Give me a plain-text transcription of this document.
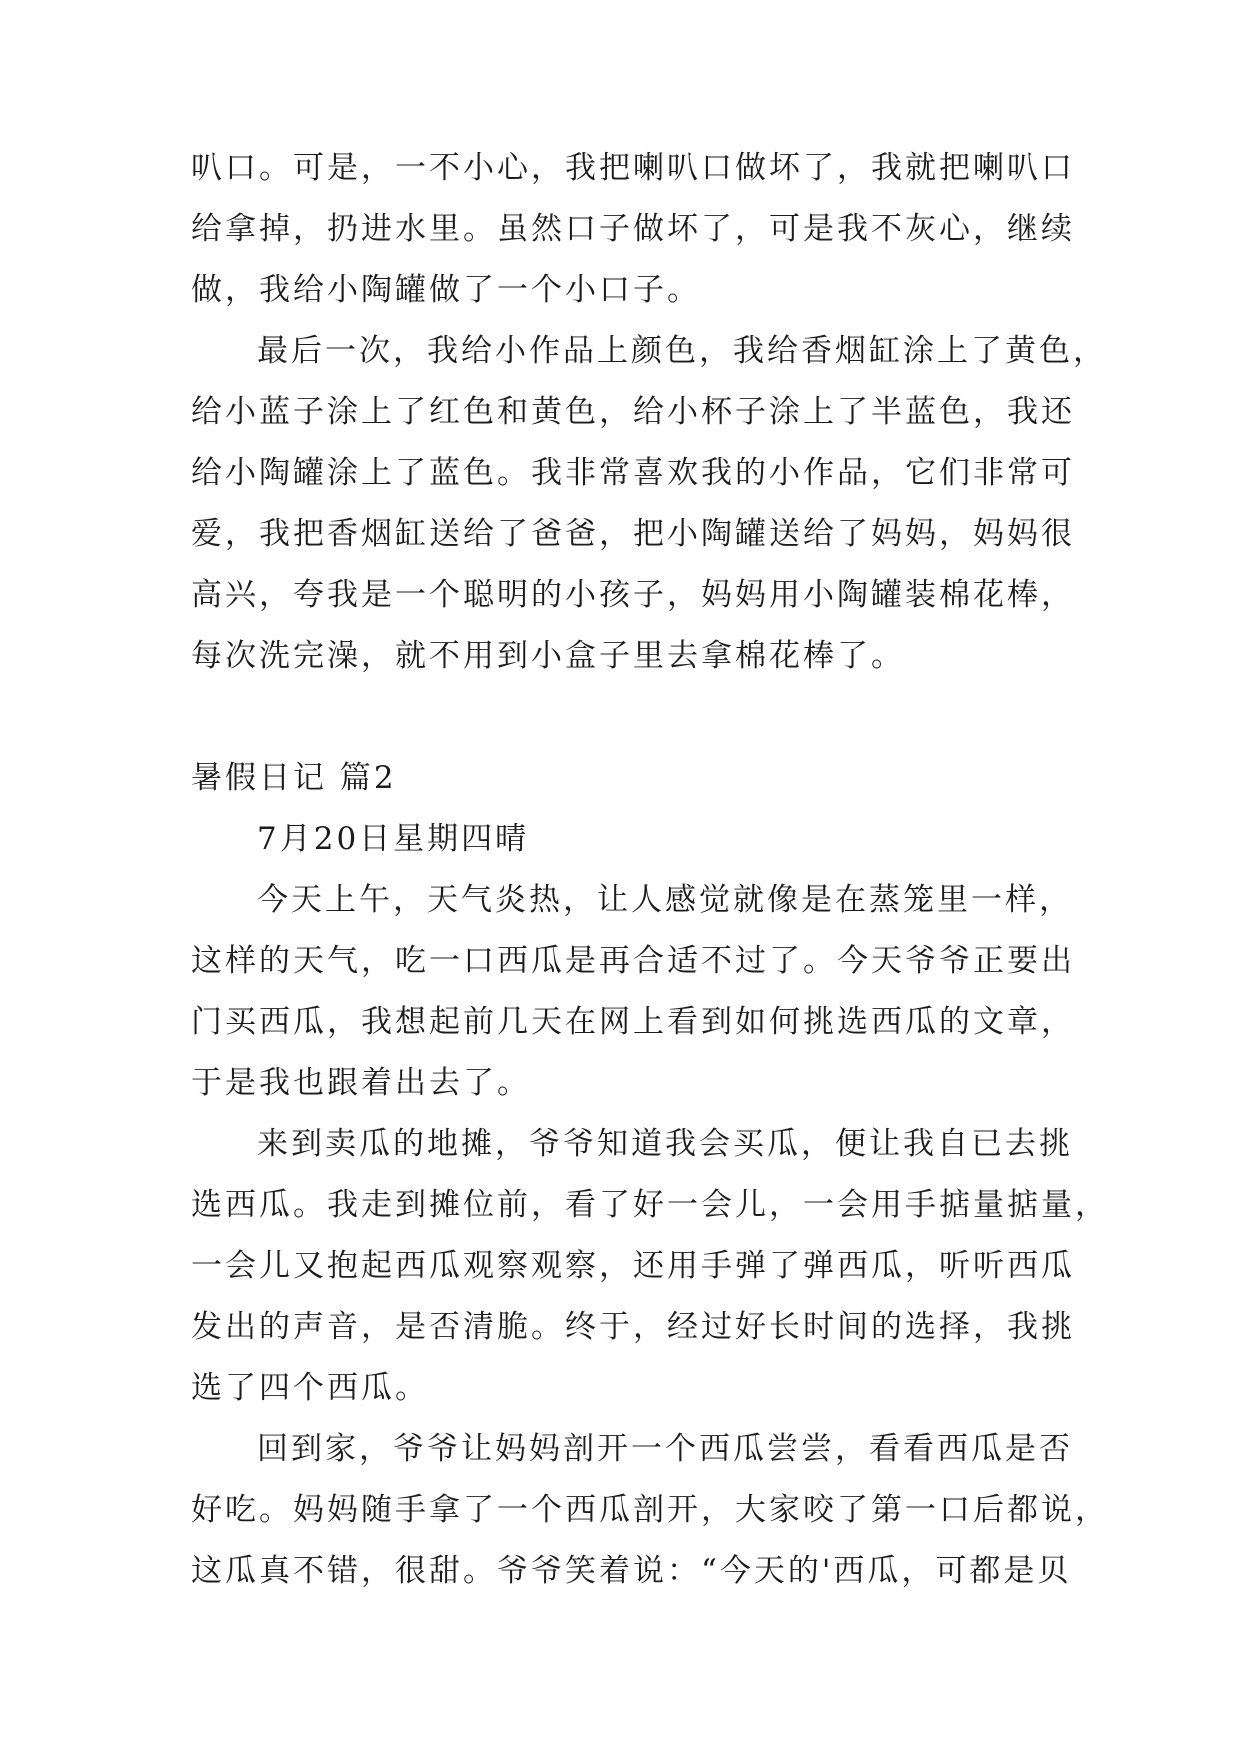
叭口。可是，一不小心，我把喇叭口做坏了，我就把喇叭口
给拿掉，扔进水里。虽然口子做坏了，可是我不灰心，继续
做，我给小陶罐做了一个小口子。

最后一次，我给小作品上颜色，我给香烟缸涂上了黄色，
给小蓝子涂上了红色和黄色，给小杯子涂上了半蓝色，我还
给小陶罐涂上了蓝色。我非常喜欢我的小作品，它们非常可
爱，我把香烟缸送给了爸爸，把小陶罐送给了妈妈，妈妈很
高兴，夸我是一个聪明的小孩子，妈妈用小陶罐装棉花棒，
每次洗完澡，就不用到小盒子里去拿棉花棒了。

暑假日记 篇2

7月20日星期四晴

今天上午，天气炎热，让人感觉就像是在蒸笼里一样，
这样的天气，吃一口西瓜是再合适不过了。今天爷爷正要出
门买西瓜，我想起前几天在网上看到如何挑选西瓜的文章，
于是我也跟着出去了。

来到卖瓜的地摊，爷爷知道我会买瓜，便让我自已去挑
选西瓜。我走到摊位前，看了好一会儿，一会用手掂量掂量，
一会儿又抱起西瓜观察观察，还用手弹了弹西瓜，听听西瓜
发出的声音，是否清脆。终于，经过好长时间的选择，我挑
选了四个西瓜。

回到家，爷爷让妈妈剖开一个西瓜尝尝，看看西瓜是否
好吃。妈妈随手拿了一个西瓜剖开，大家咬了第一口后都说，
这瓜真不错，很甜。爷爷笑着说：“今天的'西瓜，可都是贝
